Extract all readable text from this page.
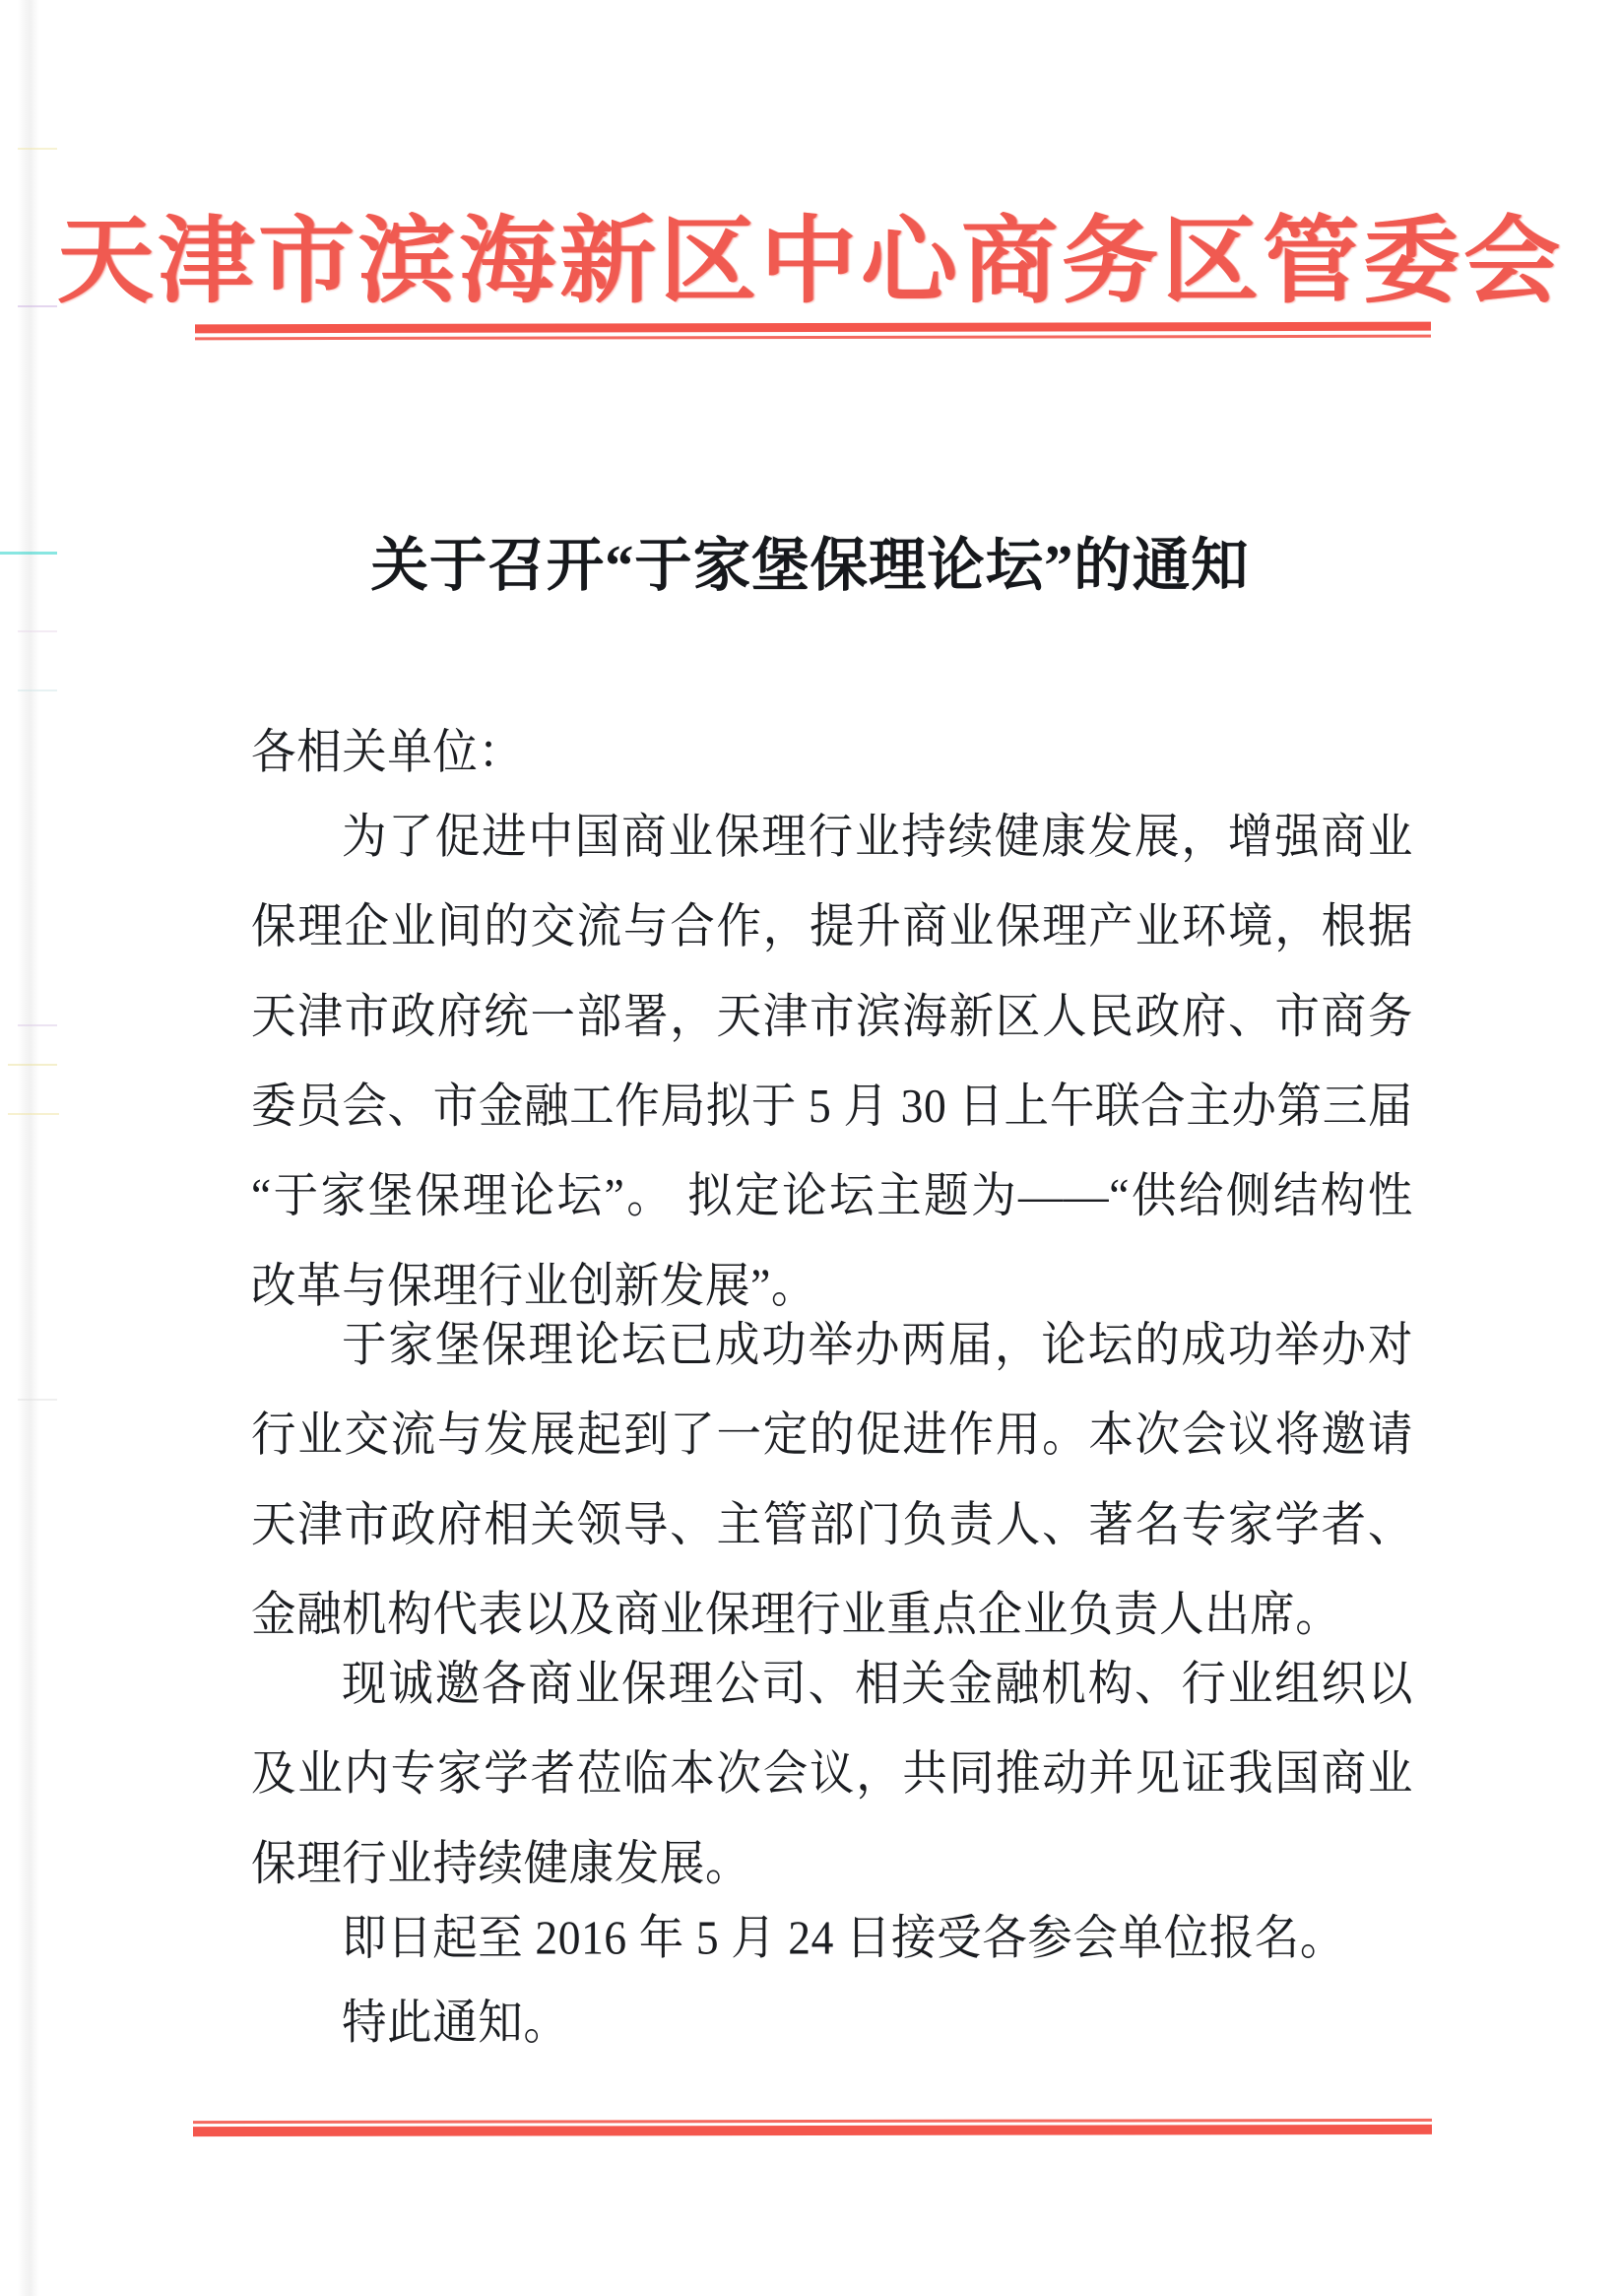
天津市滨海新区中心商务区管委会
关于召开“于家堡保理论坛”的通知

各相关单位：

为了促进中国商业保理行业持续健康发展，增强商业保理企业间的交流与合作，提升商业保理产业环境，根据天津市政府统一部署，天津市滨海新区人民政府、市商务委员会、市金融工作局拟于 5 月 30 日上午联合主办第三届“于家堡保理论坛”。 拟定论坛主题为——“供给侧结构性改革与保理行业创新发展”。

于家堡保理论坛已成功举办两届，论坛的成功举办对行业交流与发展起到了一定的促进作用。本次会议将邀请天津市政府相关领导、主管部门负责人、著名专家学者、金融机构代表以及商业保理行业重点企业负责人出席。

现诚邀各商业保理公司、相关金融机构、行业组织以及业内专家学者莅临本次会议，共同推动并见证我国商业保理行业持续健康发展。

即日起至 2016 年 5 月 24 日接受各参会单位报名。

特此通知。
